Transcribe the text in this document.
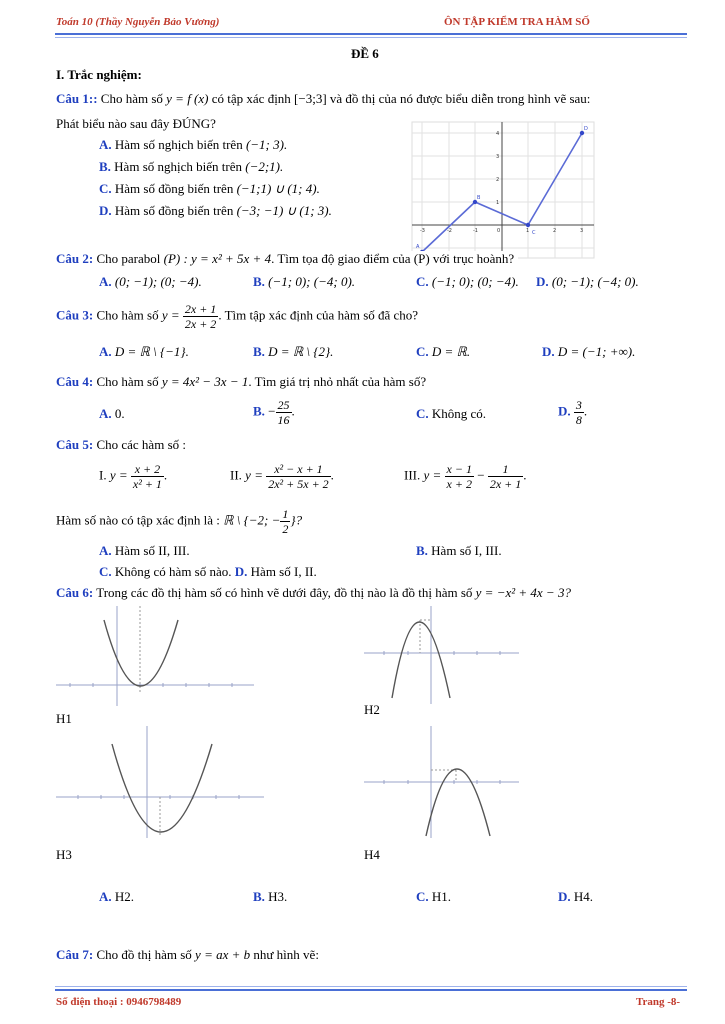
Toán 10 (Thầy Nguyễn Bảo Vương)	ÔN TẬP KIỂM TRA HÀM SỐ
ĐỀ 6
I. Trắc nghiệm:
Câu 1:: Cho hàm số y = f (x) có tập xác định [−3;3] và đồ thị của nó được biểu diễn trong hình vẽ sau:
Phát biểu nào sau đây ĐÚNG?
A. Hàm số nghịch biến trên (−1; 3).
B. Hàm số nghịch biến trên (−2;1).
C. Hàm số đồng biến trên (−1;1) ∪ (1; 4).
D. Hàm số đồng biến trên (−3; −1) ∪ (1; 3).
-3	-2	-1	0	1	2	3
1
2
3
4
A
B
C
D
Câu 2: Cho parabol (P) : y = x² + 5x + 4. Tìm tọa độ giao điểm của (P) với trục hoành?
A. (0; −1); (0; −4).	B. (−1; 0); (−4; 0).	C. (−1; 0); (0; −4). D. (0; −1); (−4; 0).
Câu 3: Cho hàm số $y = \frac{2x + 1}{2x + 2}$ . Tìm tập xác định của hàm số đã cho?
A. D = ℝ \ {−1}.	B. D = ℝ \ {2}.	C. D = ℝ.	D. D = (−1; +∞).
Câu 4: Cho hàm số y = 4x² − 3x − 1. Tìm giá trị nhỏ nhất của hàm số?
A. 0.	B. − $\frac{25}{16}$ .	C. Không có.	D. $\frac{3}{8}$ .
Câu 5: Cho các hàm số :
I. $y = \frac{x + 2}{\text{x² + 1}}$ .	II. $y = \frac{\text{x² − x + 1}}{\text{2x² + 5x + 2}}$ .	III. $y = \frac{x - 1}{x + 2} - \frac{1}{2x + 1}$ .
Hàm số nào có tập xác định là : ℝ \ {−2; − $\frac{1}{2}$ }?
A. Hàm số II, III.	B. Hàm số I, III.
C. Không có hàm số nào. D. Hàm số I, II.
Câu 6: Trong các đồ thị hàm số có hình vẽ dưới đây, đồ thị nào là đồ thị hàm số y = −x² + 4x − 3?
H1
H2
H3	H4
A. H2.	B. H3.	C. H1.	D. H4.
Câu 7: Cho đồ thị hàm số y = ax + b như hình vẽ:
Số điện thoại : 0946798489	Trang -8-
